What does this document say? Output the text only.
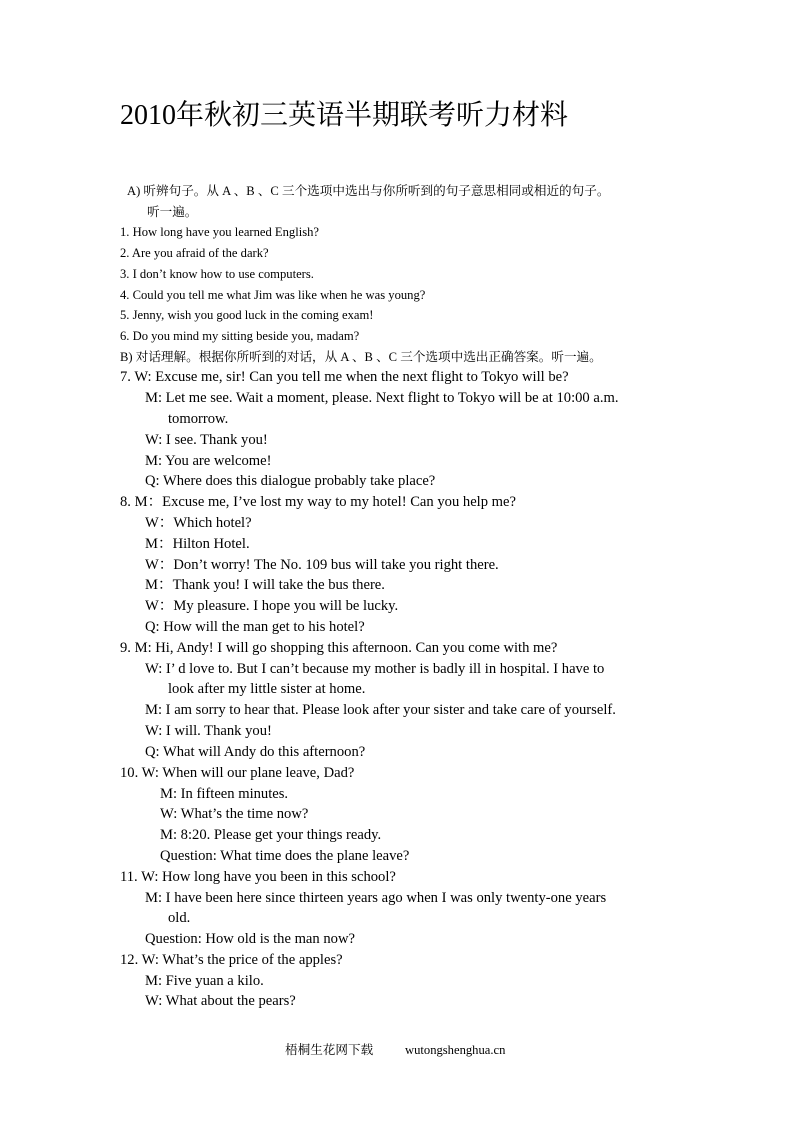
2010年秋初三英语半期联考听力材料
A) 听辨句子。从 A 、B 、C 三个选项中选出与你所听到的句子意思相同或相近的句子。
听一遍。
1. How long have you learned English?
2. Are you afraid of the dark?
3. I don’t know how to use computers.
4. Could you tell me what Jim was like when he was young?
5. Jenny, wish you good luck in the coming exam!
6. Do you mind my sitting beside you, madam?
B) 对话理解。根据你所听到的对话，从 A 、B 、C 三个选项中选出正确答案。听一遍。
7. W: Excuse me, sir! Can you tell me when the next flight to Tokyo will be?
M: Let me see. Wait a moment, please. Next flight to Tokyo will be at 10:00 a.m.
tomorrow.
W: I see. Thank you!
M: You are welcome!
Q: Where does this dialogue probably take place?
8. M：Excuse me, I’ve lost my way to my hotel! Can you help me?
W：Which hotel?
M：Hilton Hotel.
W：Don’t worry! The No. 109 bus will take you right there.
M：Thank you! I will take the bus there.
W：My pleasure. I hope you will be lucky.
Q: How will the man get to his hotel?
9. M: Hi, Andy! I will go shopping this afternoon. Can you come with me?
W: I’ d love to. But I can’t because my mother is badly ill in hospital. I have to
look after my little sister at home.
M: I am sorry to hear that. Please look after your sister and take care of yourself.
W: I will. Thank you!
Q: What will Andy do this afternoon?
10. W: When will our plane leave, Dad?
M: In fifteen minutes.
W: What’s the time now?
M: 8:20. Please get your things ready.
Question: What time does the plane leave?
11. W: How long have you been in this school?
M: I have been here since thirteen years ago when I was only twenty-one years
old.
Question: How old is the man now?
12. W: What’s the price of the apples?
M: Five yuan a kilo.
W: What about the pears?
梧桐生花网下载	wutongshenghua.cn
